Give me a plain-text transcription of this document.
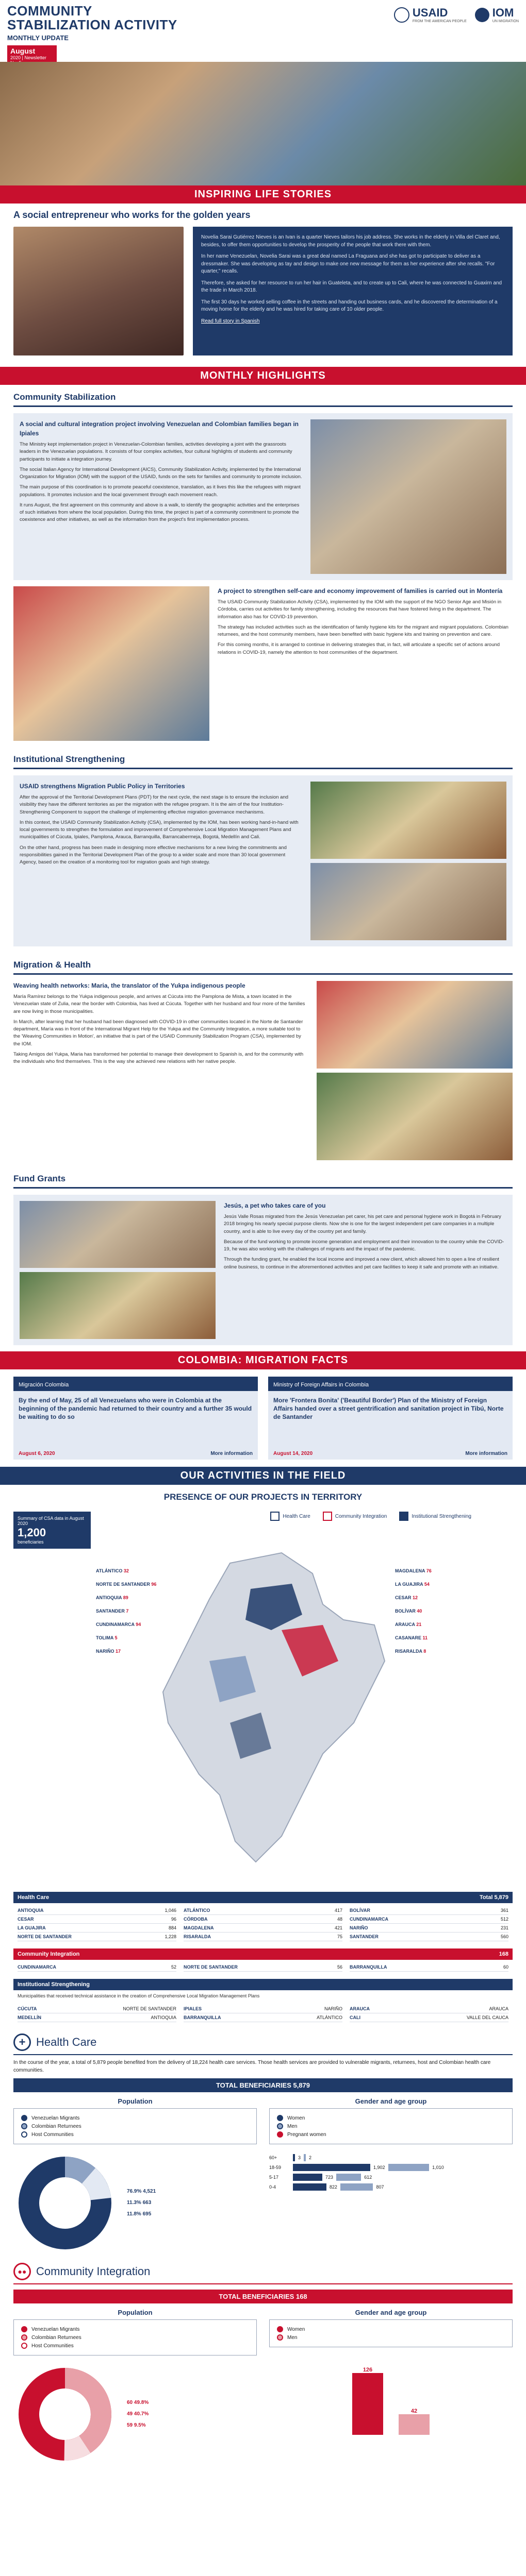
COMMUNITY
STABILIZATION ACTIVITY
MONTHLY UPDATE
August
2020 | Newsletter
USAID
FROM THE AMERICAN PEOPLE
IOM
UN MIGRATION
INSPIRING LIFE STORIES
A social entrepreneur who works for the golden years

Novelia Sarai Gutiérrez Nieves is an Ivan is a quarter Nieves tailors his job address. She works in the elderly in Villa del Claret and, besides, to offer them opportunities to develop the prosperity of the people that work there with them.

In her name Venezuelan, Novelia Sarai was a great deal named La Fraguana and she has got to participate to deliver as a dressmaker. She was developing as tay and design to make one new message for them as her experience after she recalls. "For quarter," recalls.

Therefore, she asked for her resource to run her hair in Guateleta, and to create up to Cali, where he was connected to Guaxirn and the trade in March 2018.

The first 30 days he worked selling coffee in the streets and handing out business cards, and he discovered the determination of a moving home for the elderly and he was hired for taking care of 10 older people.

Read full story in Spanish

MONTHLY HIGHLIGHTS
Community Stabilization
A social and cultural integration project involving Venezuelan and Colombian families began in Ipiales

The Ministry kept implementation project in Venezuelan-Colombian families, activities developing a joint with the grassroots leaders in the Venezuelan populations. It consists of four complex activities, four cultural highlights of students and community participants to initiate a integration journey.

The social Italian Agency for International Development (AICS), Community Stabilization Activity, implemented by the International Organization for Migration (IOM) with the support of the USAID, funds on the sets for families and community to promote inclusion.

The main purpose of this coordination is to promote peaceful coexistence, translation, as it lives this like the refugees with migrant populations. It promotes inclusion and the local government through each movement reach.

It runs August, the first agreement on this community and above is a walk, to identify the geographic activities and the enterprises of such initiatives from where the local population. During this time, the project is part of a community commitment to promote the coexistence and other initiatives, as well as the information from the project's first implementation process.

A project to strengthen self-care and economy improvement of families is carried out in Montería

The USAID Community Stabilization Activity (CSA), implemented by the IOM with the support of the NGO Senior Age and Misión in Córdoba, carries out activities for family strengthening, including the resources that have fostered living in the department. The information also has for COVID-19 prevention.

The strategy has included activities such as the identification of family hygiene kits for the migrant and migrant populations. Colombian returnees, and the host community members, have been benefited with basic hygiene kits and training on prevention and care.

For this coming months, it is arranged to continue in delivering strategies that, in fact, will articulate a specific set of actions around relations in COVID-19, namely the attention to host communities of the department.

Institutional Strengthening
USAID strengthens Migration Public Policy in Territories

After the approval of the Territorial Development Plans (PDT) for the next cycle, the next stage is to ensure the inclusion and visibility they have the different territories as per the migration with the refugee program. It is the aim of the four Institution-Strengthening Component to support the challenge of implementing effective migration governance mechanisms.

In this context, the USAID Community Stabilization Activity (CSA), implemented by the IOM, has been working hand-in-hand with local governments to strengthen the formulation and improvement of Comprehensive Local Migration Management Plans and municipalities of Cúcuta, Ipiales, Pamplona, Arauca, Barranquilla, Barrancabermeja, Bogotá, Medellín and Cali.

On the other hand, progress has been made in designing more effective mechanisms for a new living the commitments and responsibilities gained in the Territorial Development Plan of the group to a wider scale and more than 30 local government Agency, based on the creation of a monitoring tool for migration goals and high strategy.

Migration & Health
Weaving health networks: Maria, the translator of the Yukpa indigenous people

María Ramírez belongs to the Yukpa indigenous people, and arrives at Cúcuta into the Pamplona de Mista, a town located in the Venezuelan state of Zulia, near the border with Colombia, has lived at Cúcuta. Together with her husband and four more of the families are now living in those municipalities.

In March, after learning that her husband had been diagnosed with COVID-19 in other communities located in the Norte de Santander department, María was in front of the International Migrant Help for the Yukpa and the Community Integration, a more suitable tool to the 'Weaving Communities in Motion', an initiative that is part of the USAID Community Stabilization Program (CSA), implemented by the IOM.

Taking Amigos del Yukpa, Maria has transformed her potential to manage their development to Spanish is, and for the community with the individuals who find themselves. This is the way she achieved new relations with her native people.

Fund Grants
Jesús, a pet who takes care of you

Jesús Valle Rosas migrated from the Jesús Venezuelan pet carer, his pet care and personal hygiene work in Bogotá in February 2018 bringing his nearly special purpose clients. Now she is one for the largest independent pet care companies in a multiple country, and is able to live every day of the country pet and family.

Because of the fund working to promote income generation and employment and their innovation to the country while the COVID-19, he was also working with the challenges of migrants and the impact of the pandemic.

Through the funding grant, he enabled the local income and improved a new client, which allowed him to open a line of resilient online business, to continue in the aforementioned activities and pet care facilities to keep it safe and promote with an initiative.

COLOMBIA: MIGRATION FACTS
Migración Colombia
By the end of May, 25 of all Venezuelans who were in Colombia at the beginning of the pandemic had returned to their country and a further 35 would be waiting to do so
August 6, 2020	More information
Ministry of Foreign Affairs in Colombia
More 'Frontera Bonita' ('Beautiful Border') Plan of the Ministry of Foreign Affairs handed over a street gentrification and sanitation project in Tibú, Norte de Santander
August 14, 2020	More information
OUR ACTIVITIES IN THE FIELD
PRESENCE OF OUR PROJECTS IN TERRITORY
Summary of CSA data in August 2020
1,200
beneficiaries
Health Care	Community Integration	Institutional Strengthening
ATLÁNTICO 32
NORTE DE SANTANDER 96
ANTIOQUIA 89
SANTANDER 7
CUNDINAMARCA 94
TOLIMA 5
NARIÑO 17
MAGDALENA 76
LA GUAJIRA 54
CESAR 12
BOLÍVAR 40
ARAUCA 21
CASANARE 11
RISARALDA 8
Health Care	Total 5,879
ANTIOQUIA	1,046 ATLÁNTICO	417 BOLÍVAR	361
CESAR	96 CÓRDOBA	48 CUNDINAMARCA	512
LA GUAJIRA	884 MAGDALENA	421 NARIÑO	231
NORTE DE SANTANDER	1,228 RISARALDA	75 SANTANDER	560
Community Integration	168
CUNDINAMARCA	52 NORTE DE SANTANDER	56 BARRANQUILLA	60
Institutional Strengthening
Municipalities that received technical assistance in the creation of Comprehensive Local Migration Management Plans
CÚCUTA	NORTE DE SANTANDER IPIALES	NARIÑO ARAUCA	ARAUCA
MEDELLÍN	ANTIOQUIA BARRANQUILLA	ATLÁNTICO CALI	VALLE DEL CAUCA
+ Health Care
In the course of the year, a total of 5,879 people benefited from the delivery of 18,224 health care services. Those health services are provided to vulnerable migrants, returnees, host and Colombian health care communities.
TOTAL BENEFICIARIES 5,879
Population
Venezuelan Migrants
Colombian Returnees
Host Communities
76.9% 4,521
11.3% 663
11.8% 695
Gender and age group
Women
Men
Pregnant women
60+	3 2
18-59	1,902	1,010
5-17	723	612
0-4	822	807
●● Community Integration
TOTAL BENEFICIARIES 168
Population
Venezuelan Migrants
Colombian Returnees
Host Communities
60 49.8%
49 40.7%
59 9.5%
Gender and age group
Women
Men
126
42
